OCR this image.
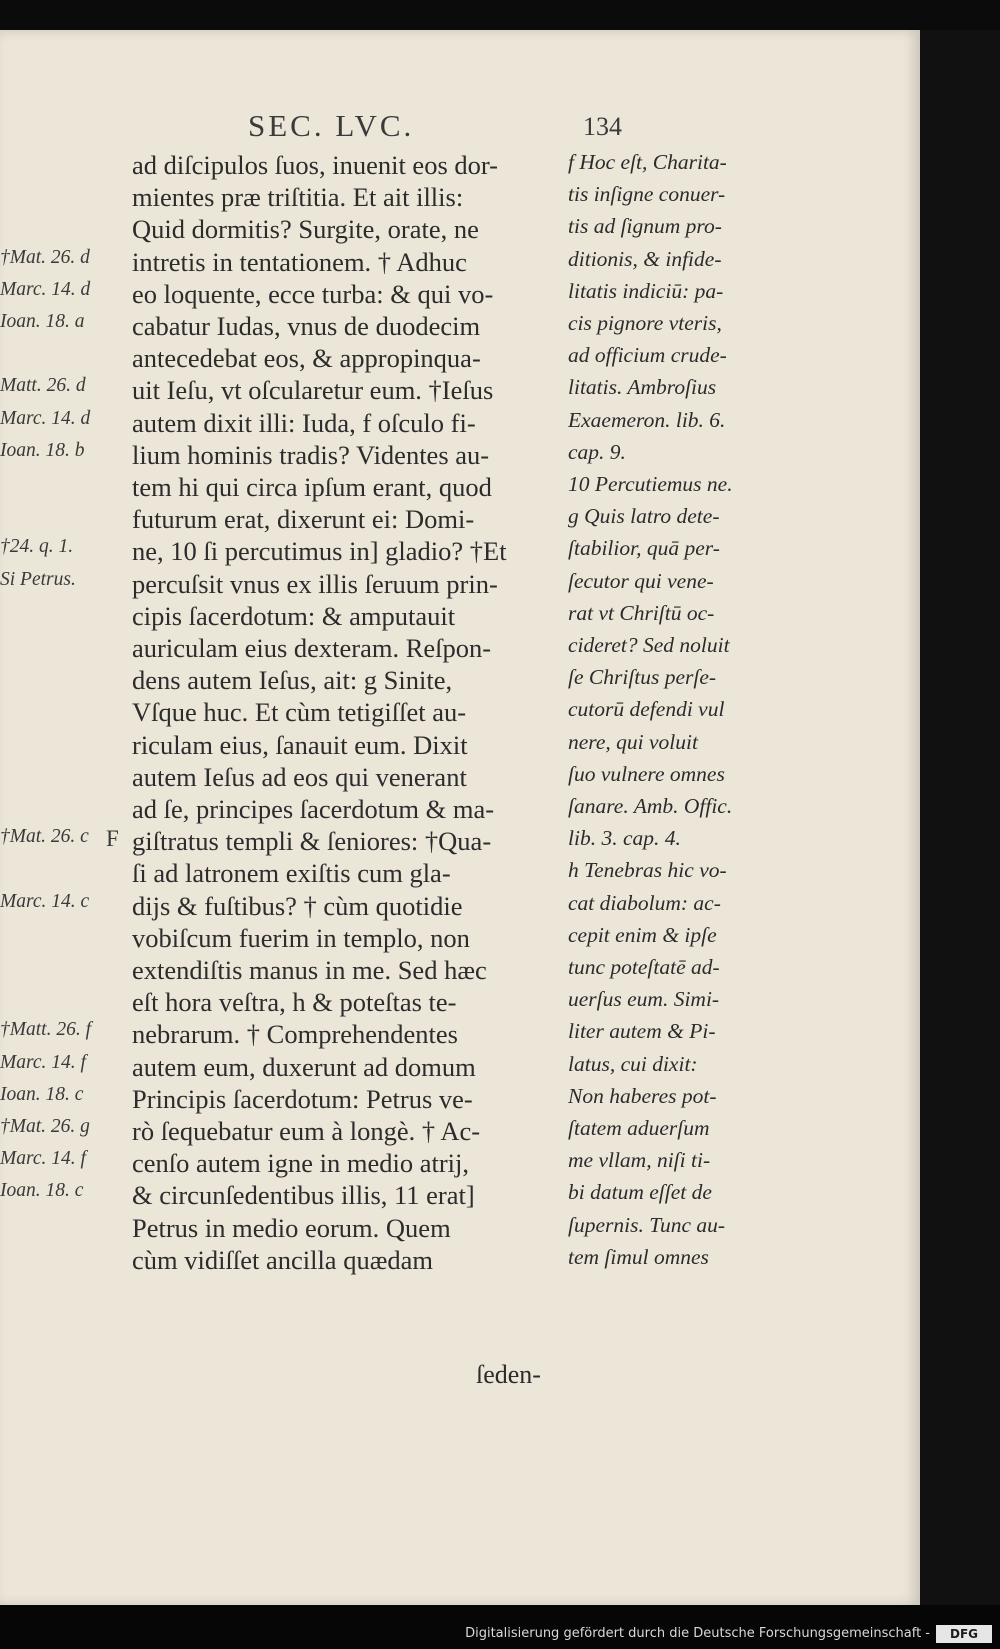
SEC. LVC.	134
†Mat. 26. d
Marc. 14. d
Ioan. 18. a
Matt. 26. d
Marc. 14. d
Ioan. 18. b
†24. q. 1.
Si Petrus.
†Mat. 26. c
Marc. 14. c
†Matt. 26. f
Marc. 14. f
Ioan. 18. c
†Mat. 26. g
Marc. 14. f
Ioan. 18. c
ad diſcipulos ſuos, inuenit eos dor-
mientes præ triſtitia. Et ait illis:
Quid dormitis? Surgite, orate, ne
intretis in tentationem. † Adhuc
eo loquente, ecce turba: & qui vo-
cabatur Iudas, vnus de duodecim
antecedebat eos, & appropinqua-
uit Ieſu, vt oſcularetur eum. †Ieſus
autem dixit illi: Iuda, f oſculo fi-
lium hominis tradis? Videntes au-
tem hi qui circa ipſum erant, quod
futurum erat, dixerunt ei: Domi-
ne, 10 ſi percutimus in] gladio? †Et
percuſsit vnus ex illis ſeruum prin-
cipis ſacerdotum: & amputauit
auriculam eius dexteram. Reſpon-
dens autem Ieſus, ait: g Sinite,
Vſque huc. Et cùm tetigiſſet au-
riculam eius, ſanauit eum. Dixit
autem Ieſus ad eos qui venerant
ad ſe, principes ſacerdotum & ma-
giſtratus templi & ſeniores: †Qua-
ſi ad latronem exiſtis cum gla-
dijs & fuſtibus? † cùm quotidie
vobiſcum fuerim in templo, non
extendiſtis manus in me. Sed hæc
eſt hora veſtra, h & poteſtas te-
nebrarum. † Comprehendentes
autem eum, duxerunt ad domum
Principis ſacerdotum: Petrus ve-
rò ſequebatur eum à longè. † Ac-
cenſo autem igne in medio atrij,
& circunſedentibus illis, 11 erat]
Petrus in medio eorum. Quem
cùm vidiſſet ancilla quædam
f Hoc eſt, Charita-
tis inſigne conuer-
tis ad ſignum pro-
ditionis, & infide-
litatis indiciū: pa-
cis pignore vteris,
ad officium crude-
litatis. Ambroſius
Exaemeron. lib. 6.
cap. 9.
10 Percutiemus ne.
g Quis latro dete-
ſtabilior, quā per-
ſecutor qui vene-
rat vt Chriſtū oc-
cideret? Sed noluit
ſe Chriſtus perſe-
cutorū defendi vul
nere, qui voluit
ſuo vulnere omnes
ſanare. Amb. Offic.
lib. 3. cap. 4.
h Tenebras hic vo-
cat diabolum: ac-
cepit enim & ipſe
tunc poteſtatē ad-
uerſus eum. Simi-
liter autem & Pi-
latus, cui dixit:
Non haberes pot-
ſtatem aduerſum
me vllam, niſi ti-
bi datum eſſet de
ſupernis. Tunc au-
tem ſimul omnes
F
ſeden-
Digitalisierung gefördert durch die Deutsche Forschungsgemeinschaft -	DFG
